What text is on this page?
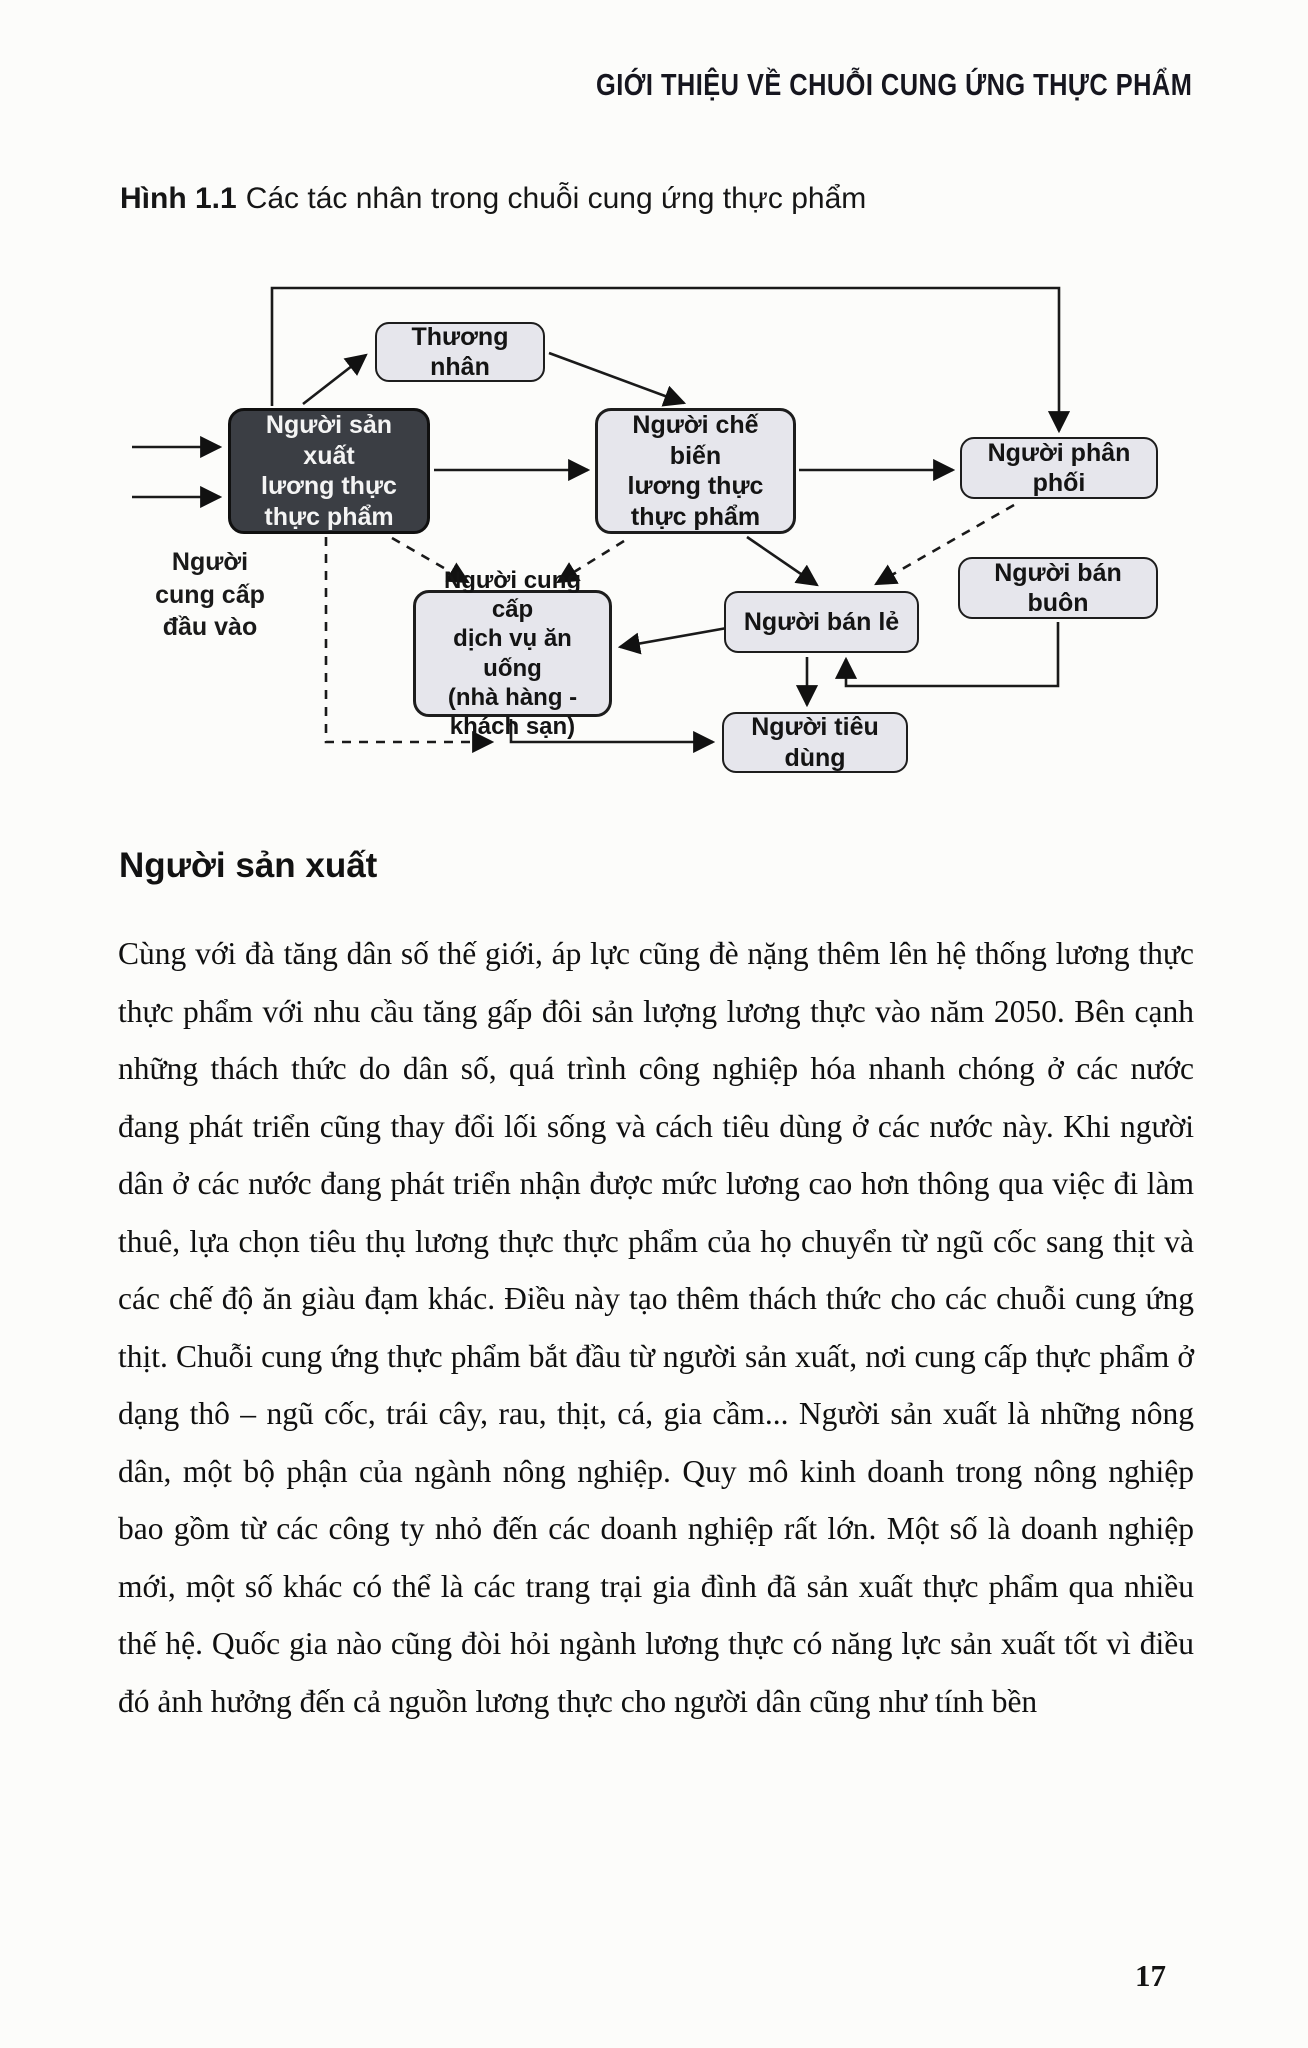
GIỚI THIỆU VỀ CHUỖI CUNG ỨNG THỰC PHẨM
Hình 1.1 Các tác nhân trong chuỗi cung ứng thực phẩm
Thương nhân
Người sản xuất
lương thực
thực phẩm
Người chế biến
lương thực
thực phẩm
Người phân phối
Người bán buôn
Người bán lẻ
Người cung cấp
dịch vụ ăn uống
(nhà hàng -
khách sạn)	Người tiêu dùng
Người
cung cấp
đầu vào
Người sản xuất
Cùng với đà tăng dân số thế giới, áp lực cũng đè nặng thêm lên hệ thống lương thực thực phẩm với nhu cầu tăng gấp đôi sản lượng lương thực vào năm 2050. Bên cạnh những thách thức do dân số, quá trình công nghiệp hóa nhanh chóng ở các nước đang phát triển cũng thay đổi lối sống và cách tiêu dùng ở các nước này. Khi người dân ở các nước đang phát triển nhận được mức lương cao hơn thông qua việc đi làm thuê, lựa chọn tiêu thụ lương thực thực phẩm của họ chuyển từ ngũ cốc sang thịt và các chế độ ăn giàu đạm khác. Điều này tạo thêm thách thức cho các chuỗi cung ứng thịt. Chuỗi cung ứng thực phẩm bắt đầu từ người sản xuất, nơi cung cấp thực phẩm ở dạng thô – ngũ cốc, trái cây, rau, thịt, cá, gia cầm... Người sản xuất là những nông dân, một bộ phận của ngành nông nghiệp. Quy mô kinh doanh trong nông nghiệp bao gồm từ các công ty nhỏ đến các doanh nghiệp rất lớn. Một số là doanh nghiệp mới, một số khác có thể là các trang trại gia đình đã sản xuất thực phẩm qua nhiều thế hệ. Quốc gia nào cũng đòi hỏi ngành lương thực có năng lực sản xuất tốt vì điều đó ảnh hưởng đến cả nguồn lương thực cho người dân cũng như tính bền
17
